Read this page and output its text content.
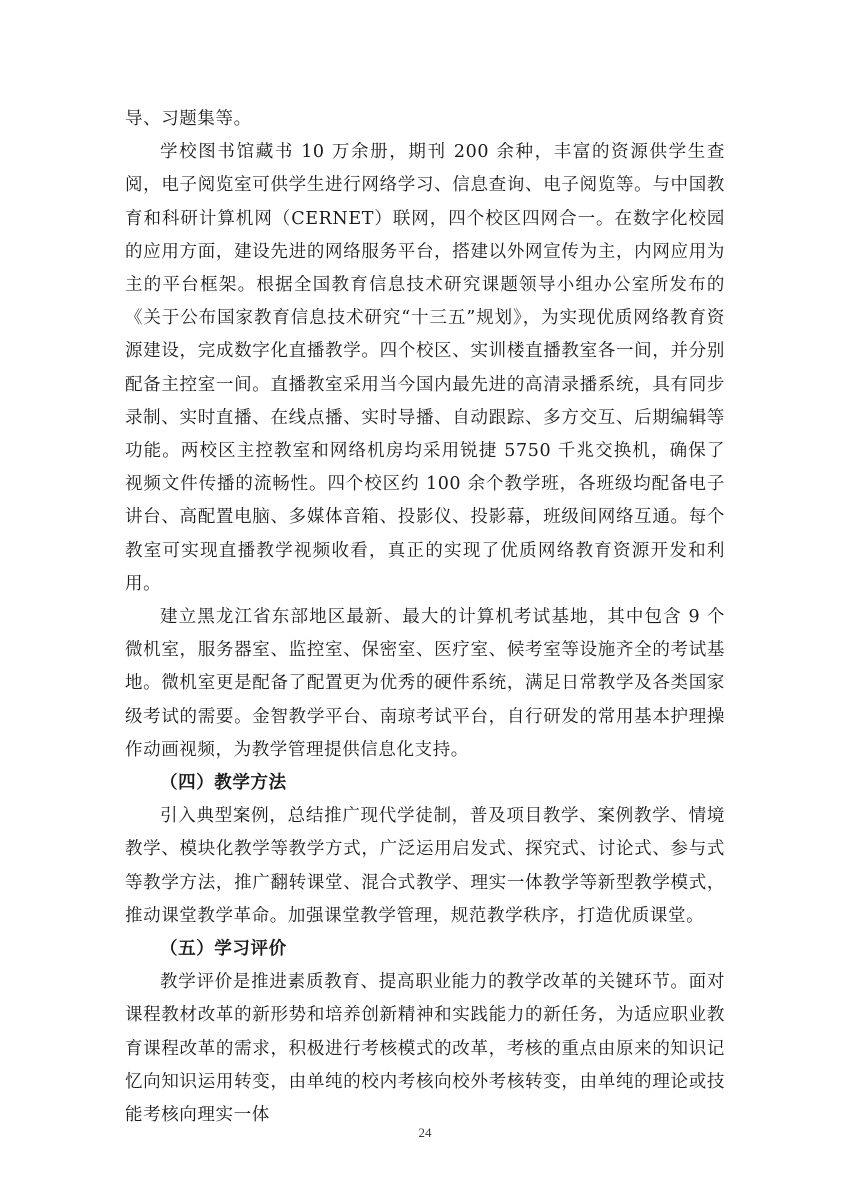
导、习题集等。

学校图书馆藏书 10 万余册，期刊 200 余种，丰富的资源供学生查阅，电子阅览室可供学生进行网络学习、信息查询、电子阅览等。与中国教育和科研计算机网（CERNET）联网，四个校区四网合一。在数字化校园的应用方面，建设先进的网络服务平台，搭建以外网宣传为主，内网应用为主的平台框架。根据全国教育信息技术研究课题领导小组办公室所发布的《关于公布国家教育信息技术研究“十三五”规划》，为实现优质网络教育资源建设，完成数字化直播教学。四个校区、实训楼直播教室各一间，并分别配备主控室一间。直播教室采用当今国内最先进的高清录播系统，具有同步录制、实时直播、在线点播、实时导播、自动跟踪、多方交互、后期编辑等功能。两校区主控教室和网络机房均采用锐捷 5750 千兆交换机，确保了视频文件传播的流畅性。四个校区约 100 余个教学班，各班级均配备电子讲台、高配置电脑、多媒体音箱、投影仪、投影幕，班级间网络互通。每个教室可实现直播教学视频收看，真正的实现了优质网络教育资源开发和利用。

建立黑龙江省东部地区最新、最大的计算机考试基地，其中包含 9 个微机室，服务器室、监控室、保密室、医疗室、候考室等设施齐全的考试基地。微机室更是配备了配置更为优秀的硬件系统，满足日常教学及各类国家级考试的需要。金智教学平台、南琼考试平台，自行研发的常用基本护理操作动画视频，为教学管理提供信息化支持。

（四）教学方法

引入典型案例，总结推广现代学徒制，普及项目教学、案例教学、情境教学、模块化教学等教学方式，广泛运用启发式、探究式、讨论式、参与式等教学方法，推广翻转课堂、混合式教学、理实一体教学等新型教学模式，推动课堂教学革命。加强课堂教学管理，规范教学秩序，打造优质课堂。

（五）学习评价

教学评价是推进素质教育、提高职业能力的教学改革的关键环节。面对课程教材改革的新形势和培养创新精神和实践能力的新任务，为适应职业教育课程改革的需求，积极进行考核模式的改革，考核的重点由原来的知识记忆向知识运用转变，由单纯的校内考核向校外考核转变，由单纯的理论或技能考核向理实一体

24
